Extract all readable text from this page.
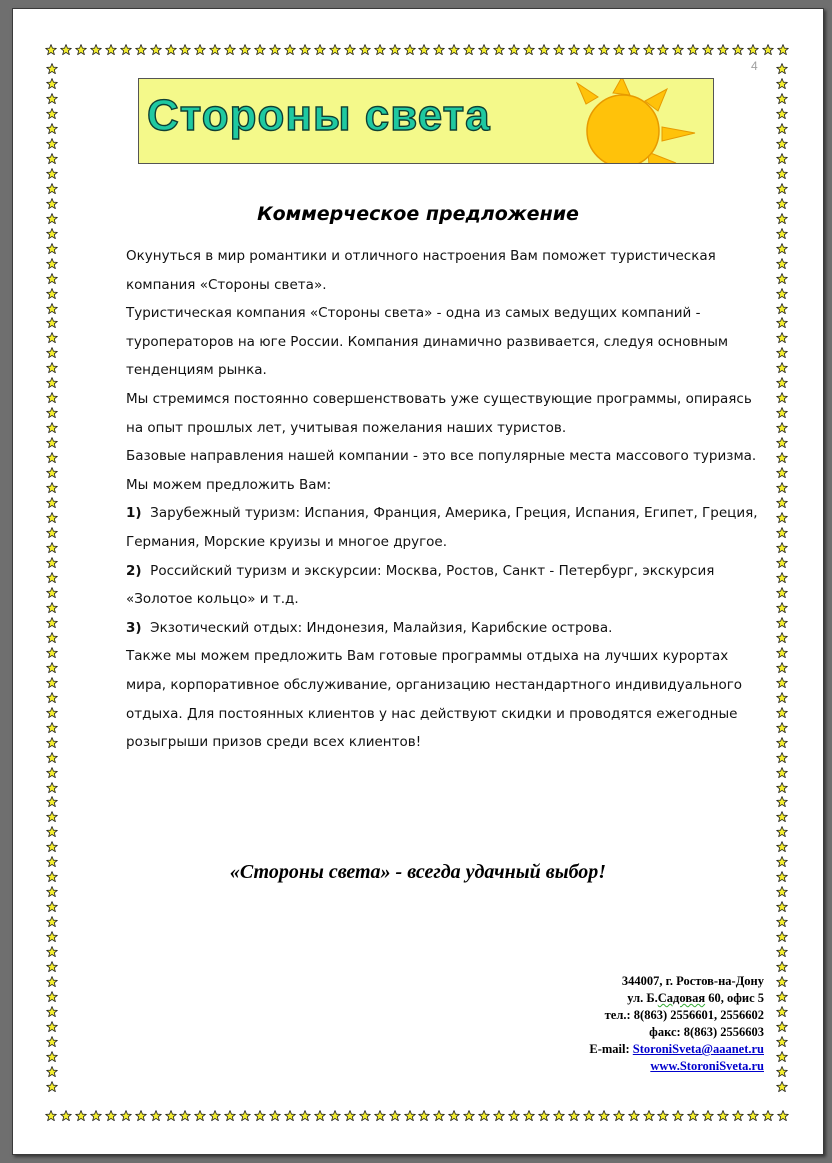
4
Стороны света
Коммерческое предложение

Окунуться в мир романтики и отличного настроения Вам поможет туристическая компания «Стороны света».

Туристическая компания «Стороны света» - одна из самых ведущих компаний - туроператоров на юге России. Компания динамично развивается, следуя основным тенденциям рынка.

Мы стремимся постоянно совершенствовать уже существующие программы, опираясь на опыт прошлых лет, учитывая пожелания наших туристов.

Базовые направления нашей компании - это все популярные места массового туризма. Мы можем предложить Вам:

1) Зарубежный туризм: Испания, Франция, Америка, Греция, Испания, Египет, Греция, Германия, Морские круизы и многое другое.

2) Российский туризм и экскурсии: Москва, Ростов, Санкт - Петербург, экскурсия «Золотое кольцо» и т.д.

3) Экзотический отдых: Индонезия, Малайзия, Карибские острова.

Также мы можем предложить Вам готовые программы отдыха на лучших курортах мира, корпоративное обслуживание, организацию нестандартного индивидуального отдыха. Для постоянных клиентов у нас действуют скидки и проводятся ежегодные розыгрыши призов среди всех клиентов!

«Стороны света» - всегда удачный выбор!
344007, г. Ростов-на-Дону
ул. Б.Садовая 60, офис 5
тел.: 8(863) 2556601, 2556602
факс: 8(863) 2556603
E-mail: StoroniSveta@aaanet.ru
www.StoroniSveta.ru
